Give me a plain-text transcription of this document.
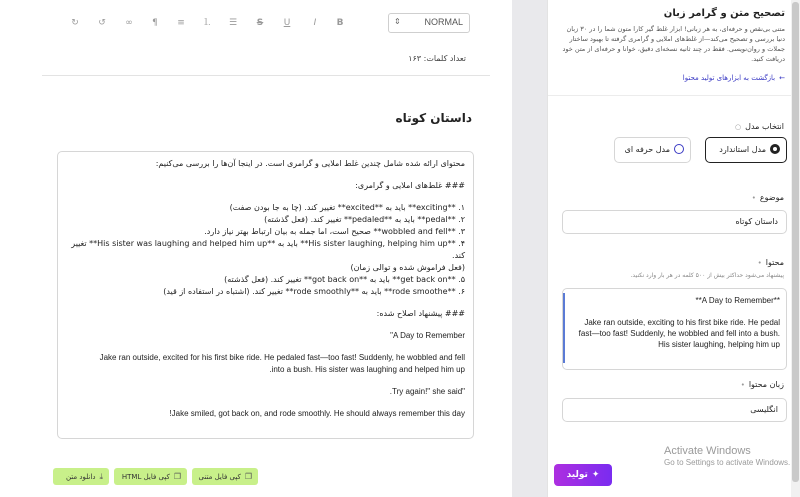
↻	↺	∞	¶	≡	⒈	☰	S	U	I	B	⇕	NORMAL
تعداد کلمات: ۱۶۳
داستان کوتاه

محتوای ارائه شده شامل چندین غلط املایی و گرامری است. در اینجا آن‌ها را بررسی می‌کنیم:

### غلط‌های املایی و گرامری:

۱. **exciting** باید به **excited** تغییر کند. (چا به جا بودن صفت)

۲. **pedal** باید به **pedaled** تغییر کند. (فعل گذشته)

۳. **wobbled and fell** صحیح است، اما جمله به بیان ارتباط بهتر نیاز دارد.

۴. **His sister laughing, helping him up** باید به **His sister was laughing and helped him up** تغییر کند.

(فعل فراموش شده و توالی زمان)

۵. **get back on** باید به **got back on** تغییر کند. (فعل گذشته)

۶. **rode smoothe** باید به **rode smoothly** تغییر کند. (اشتباه در استفاده از قید)

### پیشنهاد اصلاح شده:

"A Day to Remember

Jake ran outside, excited for his first bike ride. He pedaled fast—too fast! Suddenly, he wobbled and fell

.into a bush. His sister was laughing and helped him up

.Try again!" she said"

!Jake smiled, got back on, and rode smoothly. He should always remember this day

⤓دانلود متن	❐کپی فایل HTML	❐کپی فایل متنی
تصحیح متن و گرامر زبان
متنی بی‌نقص و حرفه‌ای، به هر زبانی! ابزار غلط گیر کارا متون شما را در ۳۰ زبان دنیا بررسی و تصحیح می‌کند—از غلط‌های املایی و گرامری گرفته تا بهبود ساختار جملات و روان‌نویسی. فقط در چند ثانیه نسخه‌ای دقیق، خوانا و حرفه‌ای از متن خود دریافت کنید.
←بازگشت به ابزارهای تولید محتوا
انتخاب مدل○
مدل استاندارد
مدل حرفه ای
موضوع•
داستان کوتاه
محتوا•
پیشنهاد می‌شود حداکثر بیش از ۵۰۰ کلمه در هر بار وارد نکنید.

**A Day to Remember**

Jake ran outside, exciting to his first bike ride. He pedal

fast—too fast! Suddenly, he wobbled and fell into a bush.

His sister laughing, helping him up

زبان محتوا•
انگلیسی
✦تولید
Activate Windows
Go to Settings to activate Windows.
